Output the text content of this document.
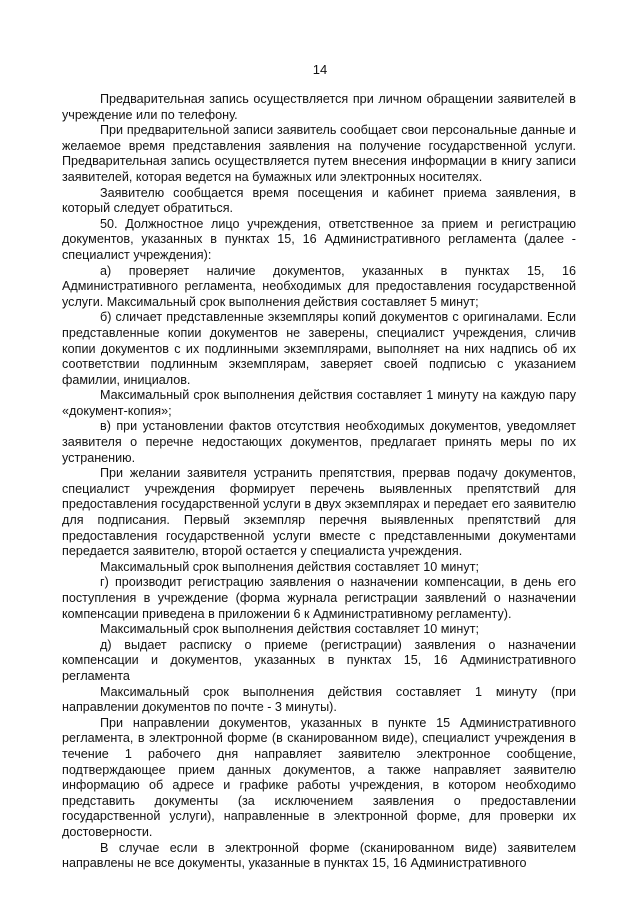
14

Предварительная запись осуществляется при личном обращении заявителей в учреждение или по телефону.

При предварительной записи заявитель сообщает свои персональные данные и желаемое время представления заявления на получение государственной услуги. Предварительная запись осуществляется путем внесения информации в книгу записи заявителей, которая ведется на бумажных или электронных носителях.

Заявителю сообщается время посещения и кабинет приема заявления, в который следует обратиться.

50. Должностное лицо учреждения, ответственное за прием и регистрацию документов, указанных в пунктах 15, 16 Административного регламента (далее - специалист учреждения):

а) проверяет наличие документов, указанных в пунктах 15, 16 Административного регламента, необходимых для предоставления государственной услуги. Максимальный срок выполнения действия составляет 5 минут;

б) сличает представленные экземпляры копий документов с оригиналами. Если представленные копии документов не заверены, специалист учреждения, сличив копии документов с их подлинными экземплярами, выполняет на них надпись об их соответствии подлинным экземплярам, заверяет своей подписью с указанием фамилии, инициалов.

Максимальный срок выполнения действия составляет 1 минуту на каждую пару «документ-копия»;

в) при установлении фактов отсутствия необходимых документов, уведомляет заявителя о перечне недостающих документов, предлагает принять меры по их устранению.

При желании заявителя устранить препятствия, прервав подачу документов, специалист учреждения формирует перечень выявленных препятствий для предоставления государственной услуги в двух экземплярах и передает его заявителю для подписания. Первый экземпляр перечня выявленных препятствий для предоставления государственной услуги вместе с представленными документами передается заявителю, второй остается у специалиста учреждения.

Максимальный срок выполнения действия составляет 10 минут;

г) производит регистрацию заявления о назначении компенсации, в день его поступления в учреждение (форма журнала регистрации заявлений о назначении компенсации приведена в приложении 6 к Административному регламенту).

Максимальный срок выполнения действия составляет 10 минут;

д) выдает расписку о приеме (регистрации) заявления о назначении компенсации и документов, указанных в пунктах 15, 16 Административного регламента

Максимальный срок выполнения действия составляет 1 минуту (при направлении документов по почте - 3 минуты).

При направлении документов, указанных в пункте 15 Административного регламента, в электронной форме (в сканированном виде), специалист учреждения в течение 1 рабочего дня направляет заявителю электронное сообщение, подтверждающее прием данных документов, а также направляет заявителю информацию об адресе и графике работы учреждения, в котором необходимо представить документы (за исключением заявления о предоставлении государственной услуги), направленные в электронной форме, для проверки их достоверности.

В случае если в электронной форме (сканированном виде) заявителем направлены не все документы, указанные в пунктах 15, 16 Административного
